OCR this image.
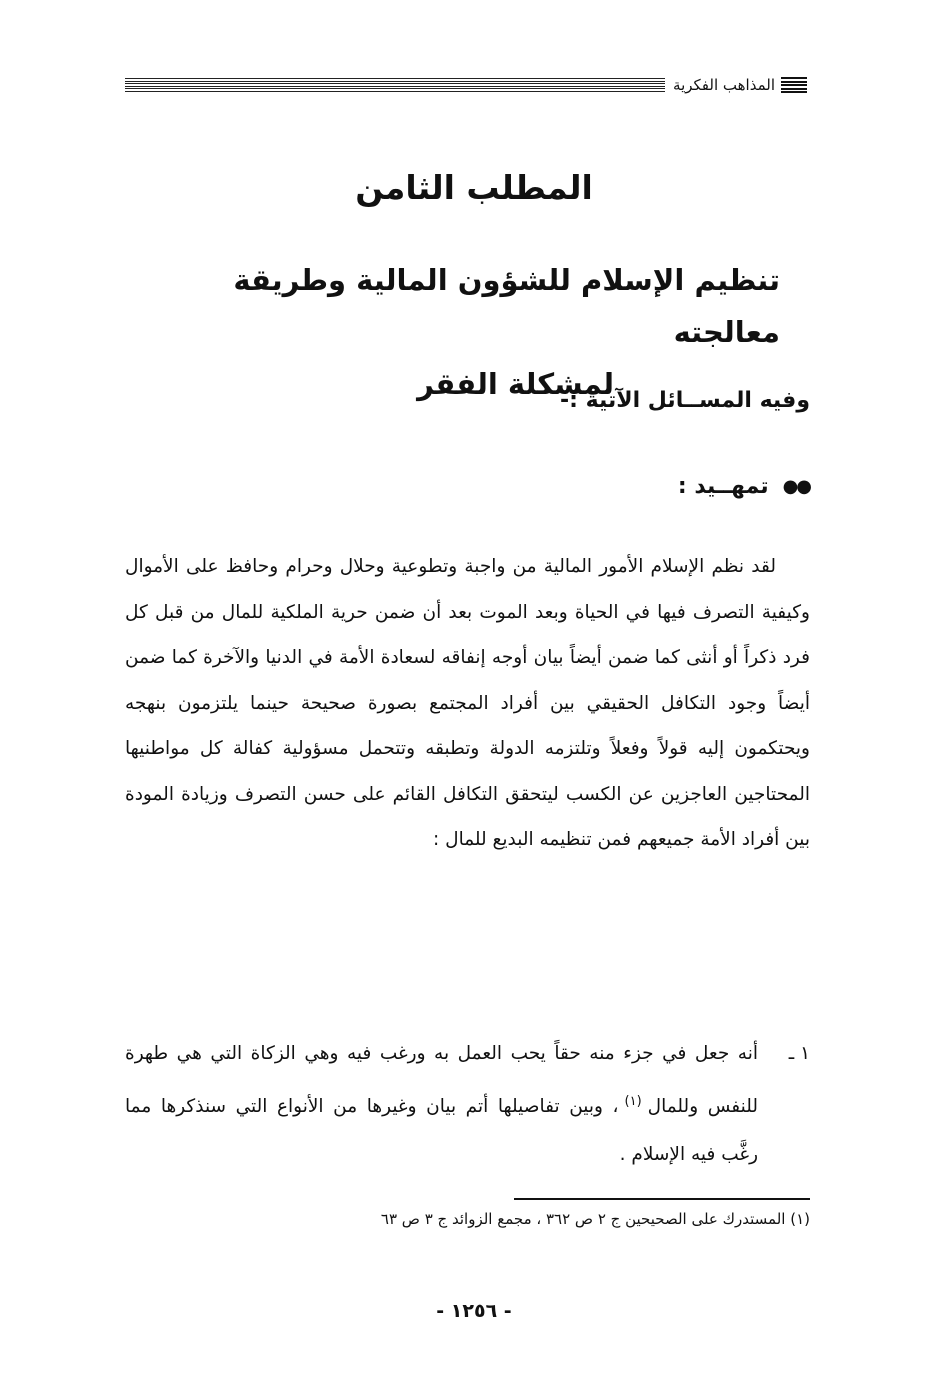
المذاهب الفكرية
المطلب الثامن
تنظيم الإسلام للشؤون المالية وطريقة معالجته
لمشكلة الفقر
وفيه المســائل الآتية :-
●●
تمهــيد :

لقد نظم الإسلام الأمور المالية من واجبة وتطوعية وحلال وحرام وحافظ على الأموال وكيفية التصرف فيها في الحياة وبعد الموت بعد أن ضمن حرية الملكية للمال من قبل كل فرد ذكراً أو أنثى كما ضمن أيضاً بيان أوجه إنفاقه لسعادة الأمة في الدنيا والآخرة كما ضمن أيضاً وجود التكافل الحقيقي بين أفراد المجتمع بصورة صحيحة حينما يلتزمون بنهجه ويحتكمون إليه قولاً وفعلاً وتلتزمه الدولة وتطبقه وتتحمل مسؤولية كفالة كل مواطنيها المحتاجين العاجزين عن الكسب ليتحقق التكافل القائم على حسن التصرف وزيادة المودة بين أفراد الأمة جميعهم فمن تنظيمه البديع للمال :

١ ـ
أنه جعل في جزء منه حقاً يحب العمل به ورغب فيه وهي الزكاة التي هي طهرة للنفس وللمال$^{(١)}$، وبين تفاصيلها أتم بيان وغيرها من الأنواع التي سنذكرها مما رغَّب فيه الإسلام .
(١) المستدرك على الصحيحين ج ٢ ص ٣٦٢ ، مجمع الزوائد ج ٣ ص ٦٣
- ١٢٥٦ -
